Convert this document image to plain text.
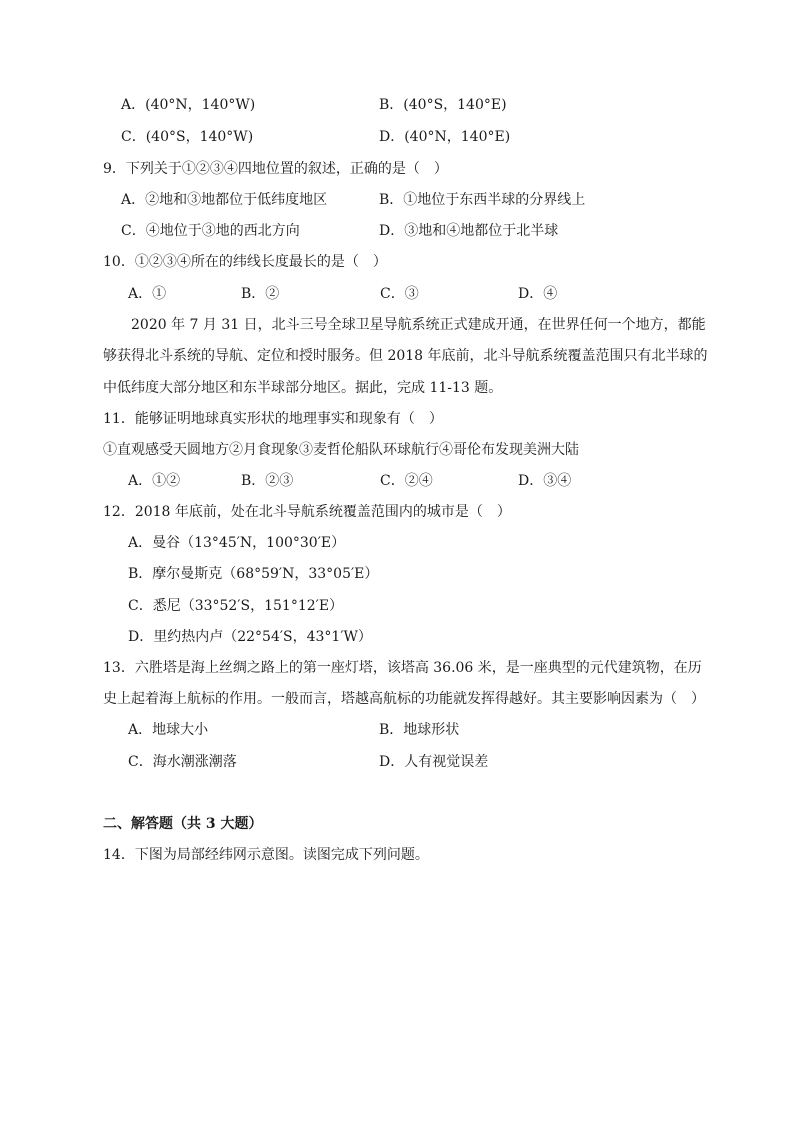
A．(40°N，140°W)	B．(40°S，140°E)
C．(40°S，140°W)	D．(40°N，140°E)
9．下列关于①②③④四地位置的叙述，正确的是（　）
A．②地和③地都位于低纬度地区	B．①地位于东西半球的分界线上
C．④地位于③地的西北方向	D．③地和④地都位于北半球
10．①②③④所在的纬线长度最长的是（　）
A．①	B．②	C．③	D．④
2020 年 7 月 31 日，北斗三号全球卫星导航系统正式建成开通，在世界任何一个地方，都能
够获得北斗系统的导航、定位和授时服务。但 2018 年底前，北斗导航系统覆盖范围只有北半球的
中低纬度大部分地区和东半球部分地区。据此，完成 11-13 题。
11．能够证明地球真实形状的地理事实和现象有（　）
①直观感受天圆地方②月食现象③麦哲伦船队环球航行④哥伦布发现美洲大陆
A．①②	B．②③	C．②④	D．③④
12．2018 年底前，处在北斗导航系统覆盖范围内的城市是（　）
A．曼谷（13°45′N，100°30′E）
B．摩尔曼斯克（68°59′N，33°05′E）
C．悉尼（33°52′S，151°12′E）
D．里约热内卢（22°54′S，43°1′W）
13．六胜塔是海上丝绸之路上的第一座灯塔，该塔高 36.06 米，是一座典型的元代建筑物，在历
史上起着海上航标的作用。一般而言，塔越高航标的功能就发挥得越好。其主要影响因素为（　）
A．地球大小	B．地球形状
C．海水潮涨潮落	D．人有视觉误差
二、解答题（共 3 大题）
14．下图为局部经纬网示意图。读图完成下列问题。
